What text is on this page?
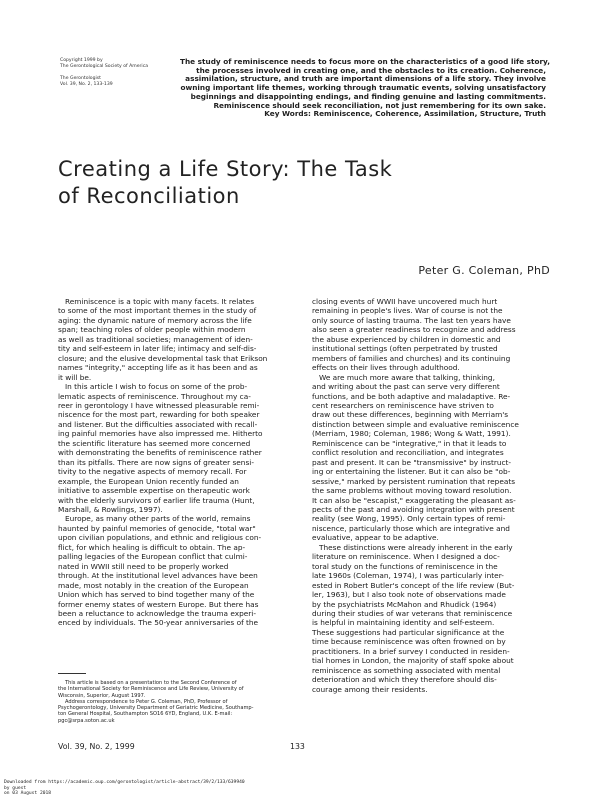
Copyright 1999 by
The Gerontological Society of America
The Gerontologist
Vol. 39, No. 2, 133-139
The study of reminiscence needs to focus more on the characteristics of a good life story,
the processes involved in creating one, and the obstacles to its creation. Coherence,
assimilation, structure, and truth are important dimensions of a life story. They involve
owning important life themes, working through traumatic events, solving unsatisfactory
beginnings and disappointing endings, and finding genuine and lasting commitments.
Reminiscence should seek reconciliation, not just remembering for its own sake.
Key Words: Reminiscence, Coherence, Assimilation, Structure, Truth
Creating a Life Story: The Task
of Reconciliation
Peter G. Coleman, PhD
Reminiscence is a topic with many facets. It relates
to some of the most important themes in the study of
aging: the dynamic nature of memory across the life
span; teaching roles of older people within modern
as well as traditional societies; management of iden-
tity and self-esteem in later life; intimacy and self-dis-
closure; and the elusive developmental task that Erikson
names "integrity," accepting life as it has been and as
it will be.
In this article I wish to focus on some of the prob-
lematic aspects of reminiscence. Throughout my ca-
reer in gerontology I have witnessed pleasurable remi-
niscence for the most part, rewarding for both speaker
and listener. But the difficulties associated with recall-
ing painful memories have also impressed me. Hitherto
the scientific literature has seemed more concerned
with demonstrating the benefits of reminiscence rather
than its pitfalls. There are now signs of greater sensi-
tivity to the negative aspects of memory recall. For
example, the European Union recently funded an
initiative to assemble expertise on therapeutic work
with the elderly survivors of earlier life trauma (Hunt,
Marshall, & Rowlings, 1997).
Europe, as many other parts of the world, remains
haunted by painful memories of genocide, "total war"
upon civilian populations, and ethnic and religious con-
flict, for which healing is difficult to obtain. The ap-
palling legacies of the European conflict that culmi-
nated in WWII still need to be properly worked
through. At the institutional level advances have been
made, most notably in the creation of the European
Union which has served to bind together many of the
former enemy states of western Europe. But there has
been a reluctance to acknowledge the trauma experi-
enced by individuals. The 50-year anniversaries of the
closing events of WWII have uncovered much hurt
remaining in people's lives. War of course is not the
only source of lasting trauma. The last ten years have
also seen a greater readiness to recognize and address
the abuse experienced by children in domestic and
institutional settings (often perpetrated by trusted
members of families and churches) and its continuing
effects on their lives through adulthood.
We are much more aware that talking, thinking,
and writing about the past can serve very different
functions, and be both adaptive and maladaptive. Re-
cent researchers on reminiscence have striven to
draw out these differences, beginning with Merriam's
distinction between simple and evaluative reminiscence
(Merriam, 1980; Coleman, 1986; Wong & Watt, 1991).
Reminiscence can be "integrative," in that it leads to
conflict resolution and reconciliation, and integrates
past and present. It can be "transmissive" by instruct-
ing or entertaining the listener. But it can also be "ob-
sessive," marked by persistent rumination that repeats
the same problems without moving toward resolution.
It can also be "escapist," exaggerating the pleasant as-
pects of the past and avoiding integration with present
reality (see Wong, 1995). Only certain types of remi-
niscence, particularly those which are integrative and
evaluative, appear to be adaptive.
These distinctions were already inherent in the early
literature on reminiscence. When I designed a doc-
toral study on the functions of reminiscence in the
late 1960s (Coleman, 1974), I was particularly inter-
ested in Robert Butler's concept of the life review (But-
ler, 1963), but I also took note of observations made
by the psychiatrists McMahon and Rhudick (1964)
during their studies of war veterans that reminiscence
is helpful in maintaining identity and self-esteem.
These suggestions had particular significance at the
time because reminiscence was often frowned on by
practitioners. In a brief survey I conducted in residen-
tial homes in London, the majority of staff spoke about
reminiscence as something associated with mental
deterioration and which they therefore should dis-
courage among their residents.
This article is based on a presentation to the Second Conference of
the International Society for Reminiscence and Life Review, University of
Wisconsin, Superior, August 1997.
Address correspondence to Peter G. Coleman, PhD, Professor of
Psychogerontology, University Department of Geriatric Medicine, Southamp-
ton General Hospital, Southampton SO16 6YD, England, U.K. E-mail:
pgc@srpa.soton.ac.uk
Vol. 39, No. 2, 1999	133
Downloaded from https://academic.oup.com/gerontologist/article-abstract/39/2/133/639940
by guest
on 03 August 2018
